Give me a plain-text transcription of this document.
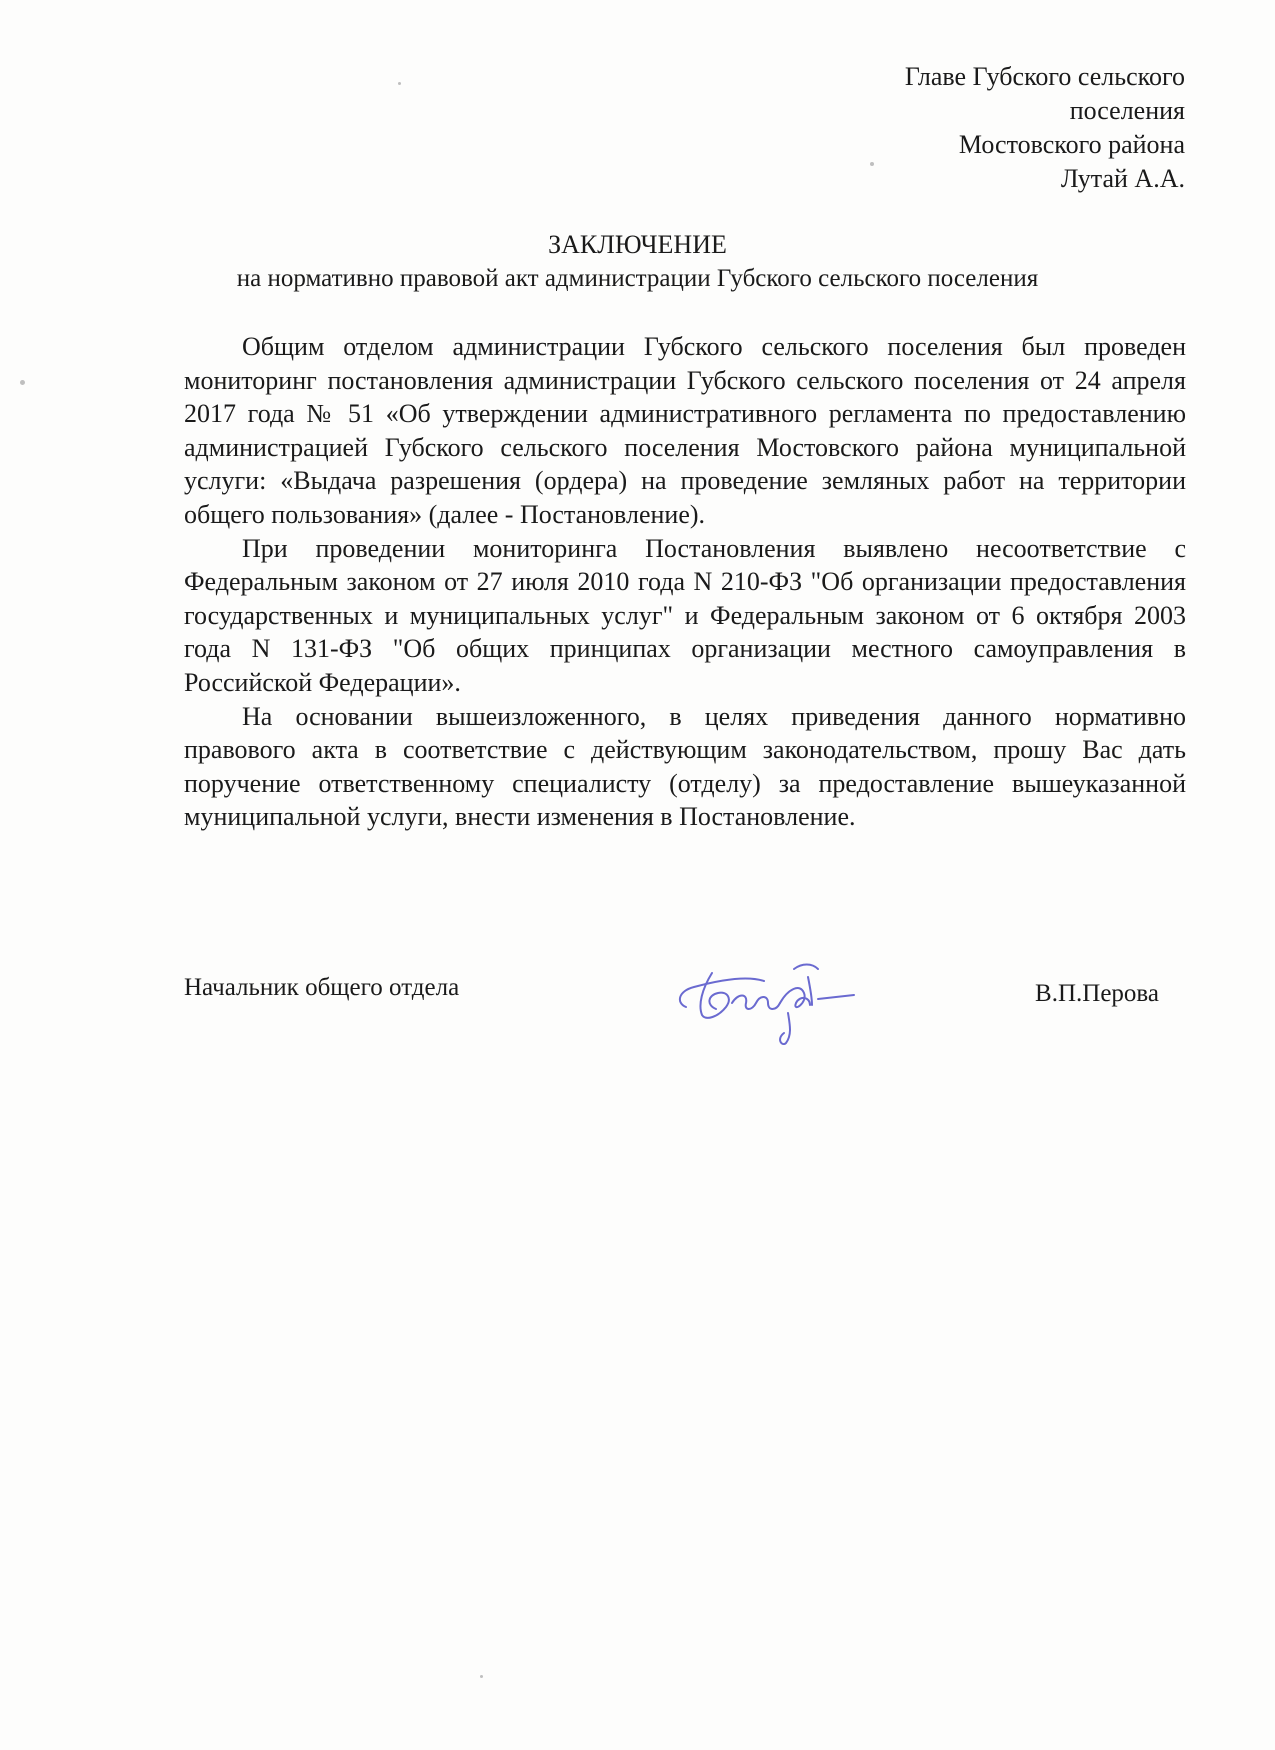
Главе Губского сельского
поселения
Мостовского района
Лутай А.А.
ЗАКЛЮЧЕНИЕ
на нормативно правовой акт администрации Губского сельского поселения

Общим отделом администрации Губского сельского поселения был проведен мониторинг постановления администрации Губского сельского поселения от 24 апреля 2017 года № 51 «Об утверждении административного регламента по предоставлению администрацией Губского сельского поселения Мостовского района муниципальной услуги: «Выдача разрешения (ордера) на проведение земляных работ на территории общего пользования» (далее - Постановление).

При проведении мониторинга Постановления выявлено несоответствие с Федеральным законом от 27 июля 2010 года N 210-ФЗ "Об организации предоставления государственных и муниципальных услуг" и Федеральным законом от 6 октября 2003 года N 131-ФЗ "Об общих принципах организации местного самоуправления в Российской Федерации».

На основании вышеизложенного, в целях приведения данного нормативно правового акта в соответствие с действующим законодательством, прошу Вас дать поручение ответственному специалисту (отделу) за предоставление вышеуказанной муниципальной услуги, внести изменения в Постановление.

Начальник общего отдела	В.П.Перова
